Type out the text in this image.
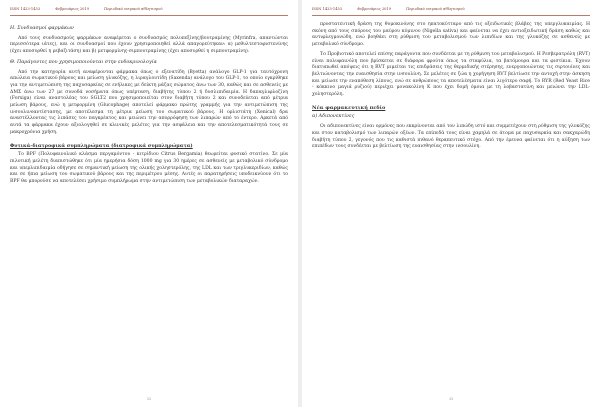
ISSN 1423-1453	Φεβρουάριος 2019	Περιοδικό ιατρικού αθλητισμού
Η. Συνδυασμοί φαρμάκων

Από τους συνδυασμούς φαρμάκων αναφέρεται ο συνδυασμός πολυπεξίνης/βουτραμίνης (Μyrinfra, απαντώνται περισσότερα ιάτες), και οι συνδυασμοί που έχουν χρησιμοποιηθεί αλλά απαγορεύτηκαν: α) μεθυλτεστοφιστενίνης (έχει αποσυρθεί η ρεβαζιτάση) και β) μετφορμίνης-σιμπουτραμίνης (έχει αποσυρθεί η σιμπουτραμίνη).

Θ. Παράγοντες που χρησιμοποιούνται στην ενδοκρινολογία

Από την κατηγορία αυτή αναφέρονται φάρμακα όπως ο εξενατίδη (Byetta) ανάλογο GLP-1 για ταυτόχρονη απώλεια σωματικού βάρους και μείωση γλυκόζης, η λιραγλουτίδη (Saxenda) ανάλογο του GLP-1, το οποίο εγκρίθηκε για την αντιμετώπιση της παχυσαρκίας σε ενήλικες με δείκτη μάζας σώματος άνω των 30, καθώς και σε ασθενείς με ΔΜΣ άνω των 27 με συνοδά νοσήματα όπως υπέρταση, διαβήτης τύπου 2 ή δυσλιπιδαιμία. Η δαπαγλιφλοζίνη (Forxiga) είναι αναστολέας του SGLT2 που χρησιμοποιείται στον διαβήτη τύπου 2 και συνοδεύεται από μέτρια μείωση βάρους, ενώ η μετφορμίνη (Glucophage) αποτελεί φάρμακο πρώτης γραμμής για την αντιμετώπιση της ινσουλινοαντίστασης, με αποτέλεσμα τη μέτρια μείωση του σωματικού βάρους. Η ορλιστάτη (Xenical) δρα αναστέλλοντας τις λιπάσες του παγκρέατος και μειώνει την απορρόφηση των λιπαρών από το έντερο. Αρκετά από αυτά τα φάρμακα έχουν αξιολογηθεί σε κλινικές μελέτες για την ασφάλεια και την αποτελεσματικότητά τους σε μακροχρόνια χρήση.

Φυτικά-διατροφικά συμπληρώματα (διατροφικά συμπληρώματα)

Το BPF (Πολυφαινολικό κλάσμα περγαμόντου - κιτρίδιου Citrus Bergamia) θεωρείται φυσικό στατίνο. Σε μία πιλοτική μελέτη διαπιστώθηκε ότι μία ημερήσια δόση 1000 mg για 30 ημέρες σε ασθενείς με μεταβολικό σύνδρομο και υπερλιπιδαιμία οδήγησε σε σημαντική μείωση της ολικής χοληστερόλης, της LDL και των τριγλυκεριδίων, καθώς και σε ήπια μείωση του σωματικού βάρους και της περιμέτρου μέσης. Αυτές οι παρατηρήσεις υποδεικνύουν ότι το BPF θα μπορούσε να αποτελέσει χρήσιμο συμπλήρωμα στην αντιμετώπιση των μεταβολικών διαταραχών.

32
ISSN 1423-1453	Φεβρουάριος 2019	Περιοδικό ιατρικού αθλητισμού

προστατευτική δράση της θυμοκινόνης στο ηπατοκύτταρο από τις οξειδωτικές βλάβες της υπεργλυκαιμίας. Η σκόνη από τους σπόρους του μαύρου κύμινου (Nigella sativa) και φαίνεται να έχει αντιοξειδωτική δράση καθώς και αντιφλεγμονώδη, ενώ βοηθάει στη ρύθμιση του μεταβολισμού των λιπιδίων και της γλυκόζης σε ασθενείς με μεταβολικό σύνδρομο.

Το Προβιοτικό αποτελεί επίσης παράγοντα που συνδέεται με τη ρύθμιση του μεταβολισμού. Η Ρεσβερατρόλη (RVT) είναι πολυφαινόλη που βρίσκεται σε διάφορα φρούτα όπως τα σταφύλια, τα βατόμουρα και τα φιστίκια. Έχουν διατυπωθεί απόψεις ότι η RVT μιμείται τις επιδράσεις της θερμιδικής στέρησης, ενεργοποιώντας τις σιρτουίνες και βελτιώνοντας την ευαισθησία στην ινσουλίνη. Σε μελέτες σε ζώα η χορήγηση RVT βελτίωσε την αντοχή στην άσκηση και μείωσε την εναπόθεση λίπους, ενώ σε ανθρώπους τα αποτελέσματα είναι λιγότερο σαφή. Το RYR (Red Yeast Rice - κόκκινο μαγιά ρυζιού) περιέχει μονακολίνη Κ που έχει δομή όμοια με τη λοβαστατίνη και μειώνει την LDL-χοληστερόλη.

Νέα φαρμακευτική πεδίο
α) Αδιπονεκτίνες

Οι αδιπονεκτίνες είναι ορμόνες που εκκρίνονται από τον λιπώδη ιστό και συμμετέχουν στη ρύθμιση της γλυκόζης και στον καταβολισμό των λιπαρών οξέων. Τα επίπεδά τους είναι χαμηλά σε άτομα με παχυσαρκία και σακχαρώδη διαβήτη τύπου 2, γεγονός που τις καθιστά πιθανό θεραπευτικό στόχο. Από την έρευνα φαίνεται ότι η αύξηση των επιπέδων τους συνδέεται με βελτίωση της ευαισθησίας στην ινσουλίνη.

33
